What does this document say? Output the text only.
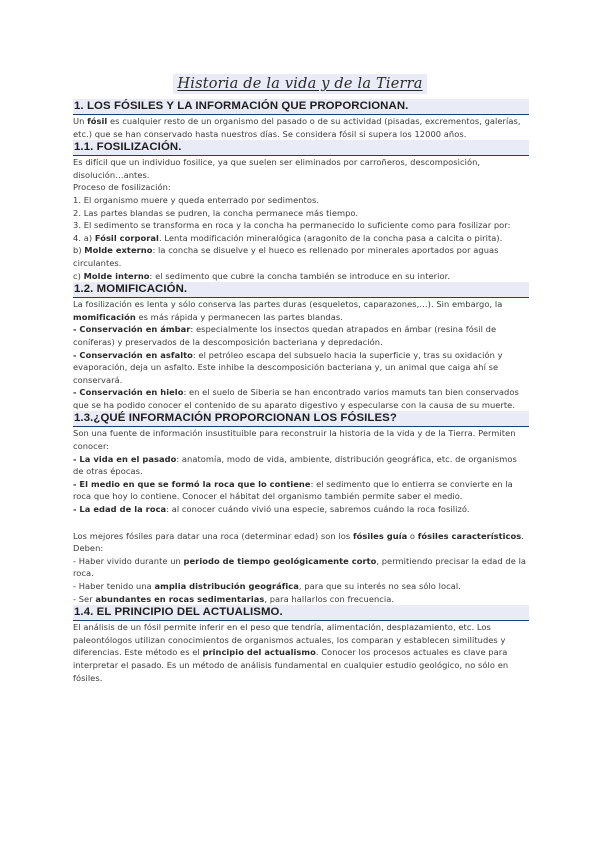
Historia de la vida y de la Tierra
1. LOS FÓSILES Y LA INFORMACIÓN QUE PROPORCIONAN.

Un fósil es cualquier resto de un organismo del pasado o de su actividad (pisadas, excrementos, galerías, etc.) que se han conservado hasta nuestros días. Se considera fósil si supera los 12000 años.

1.1. FOSILIZACIÓN.

Es difícil que un individuo fosilice, ya que suelen ser eliminados por carroñeros, descomposición, disolución…antes.

Proceso de fosilización:

1. El organismo muere y queda enterrado por sedimentos.

2. Las partes blandas se pudren, la concha permanece más tiempo.

3. El sedimento se transforma en roca y la concha ha permanecido lo suficiente como para fosilizar por:

4. a) Fósil corporal. Lenta modificación mineralógica (aragonito de la concha pasa a calcita o pirita).

b) Molde externo: la concha se disuelve y el hueco es rellenado por minerales aportados por aguas circulantes.

c) Molde interno: el sedimento que cubre la concha también se introduce en su interior.

1.2. MOMIFICACIÓN.

La fosilización es lenta y sólo conserva las partes duras (esqueletos, caparazones,…). Sin embargo, la momificación es más rápida y permanecen las partes blandas.

- Conservación en ámbar: especialmente los insectos quedan atrapados en ámbar (resina fósil de coníferas) y preservados de la descomposición bacteriana y depredación.

- Conservación en asfalto: el petróleo escapa del subsuelo hacia la superficie y, tras su oxidación y evaporación, deja un asfalto. Este inhibe la descomposición bacteriana y, un animal que caiga ahí se conservará.

- Conservación en hielo: en el suelo de Siberia se han encontrado varios mamuts tan bien conservados que se ha podido conocer el contenido de su aparato digestivo y especularse con la causa de su muerte.

1.3.¿QUÉ INFORMACIÓN PROPORCIONAN LOS FÓSILES?

Son una fuente de información insustituible para reconstruir la historia de la vida y de la Tierra. Permiten conocer:

- La vida en el pasado: anatomía, modo de vida, ambiente, distribución geográfica, etc. de organismos de otras épocas.

- El medio en que se formó la roca que lo contiene: el sedimento que lo entierra se convierte en la roca que hoy lo contiene. Conocer el hábitat del organismo también permite saber el medio.

- La edad de la roca: al conocer cuándo vivió una especie, sabremos cuándo la roca fosilizó.

Los mejores fósiles para datar una roca (determinar edad) son los fósiles guía o fósiles característicos. Deben:

- Haber vivido durante un periodo de tiempo geológicamente corto, permitiendo precisar la edad de la roca.

- Haber tenido una amplia distribución geográfica, para que su interés no sea sólo local.

- Ser abundantes en rocas sedimentarias, para hallarlos con frecuencia.

1.4. EL PRINCIPIO DEL ACTUALISMO.

El análisis de un fósil permite inferir en el peso que tendría, alimentación, desplazamiento, etc. Los paleontólogos utilizan conocimientos de organismos actuales, los comparan y establecen similitudes y diferencias. Este método es el principio del actualismo. Conocer los procesos actuales es clave para interpretar el pasado. Es un método de análisis fundamental en cualquier estudio geológico, no sólo en fósiles.
